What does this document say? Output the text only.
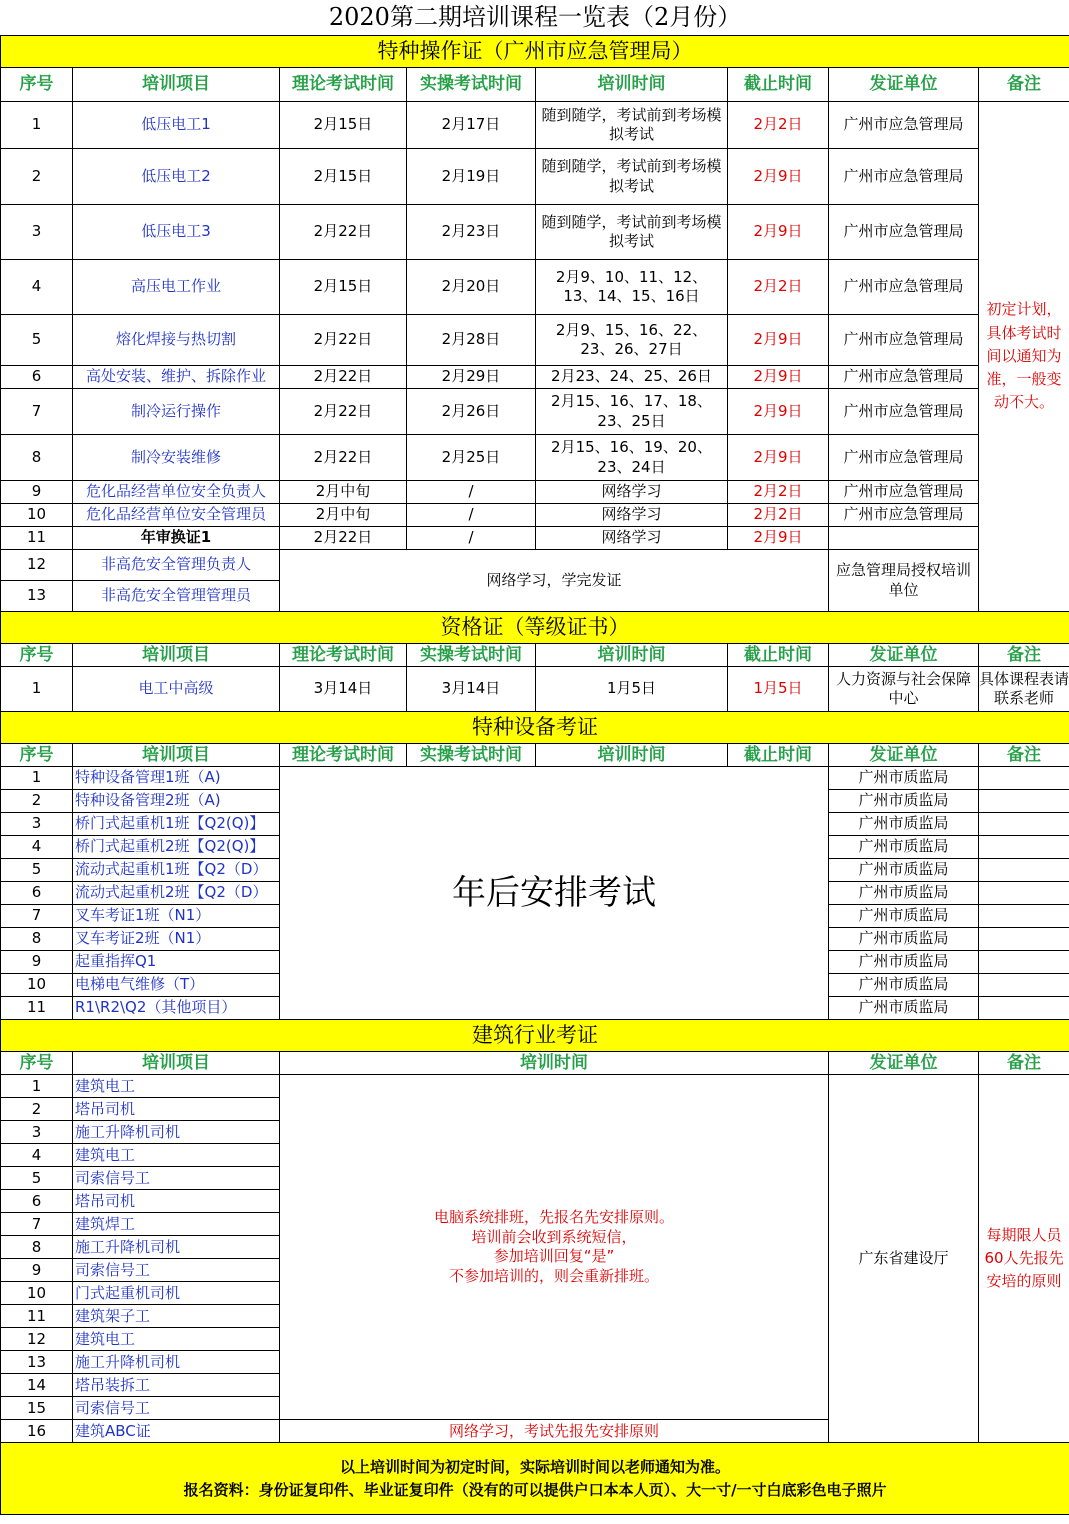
2020第二期培训课程一览表（2月份）							
特种操作证（广州市应急管理局）							
序号	培训项目	理论考试时间	实操考试时间	培训时间	截止时间	发证单位	备注
1	低压电工1	2月15日	2月17日	随到随学，考试前到考场模拟考试	2月2日	广州市应急管理局	初定计划，具体考试时间以通知为准，一般变动不大。
2	低压电工2	2月15日	2月19日	随到随学，考试前到考场模拟考试	2月9日	广州市应急管理局	
3	低压电工3	2月22日	2月23日	随到随学，考试前到考场模拟考试	2月9日	广州市应急管理局	
4	高压电工作业	2月15日	2月20日	2月9、10、11、12、13、14、15、16日	2月2日	广州市应急管理局	
5	熔化焊接与热切割	2月22日	2月28日	2月9、15、16、22、23、26、27日	2月9日	广州市应急管理局	
6	高处安装、维护、拆除作业	2月22日	2月29日	2月23、24、25、26日	2月9日	广州市应急管理局	
7	制冷运行操作	2月22日	2月26日	2月15、16、17、18、23、25日	2月9日	广州市应急管理局	
8	制冷安装维修	2月22日	2月25日	2月15、16、19、20、23、24日	2月9日	广州市应急管理局	
9	危化品经营单位安全负责人	2月中旬	/	网络学习	2月2日	广州市应急管理局	
10	危化品经营单位安全管理员	2月中旬	/	网络学习	2月2日	广州市应急管理局	
11	年审换证1	2月22日	/	网络学习	2月9日		
12	非高危安全管理负责人	网络学习，学完发证				应急管理局授权培训单位	
13	非高危安全管理管理员						
资格证（等级证书）							
序号	培训项目	理论考试时间	实操考试时间	培训时间	截止时间	发证单位	备注
1	电工中高级	3月14日	3月14日	1月5日	1月5日	人力资源与社会保障中心	具体课程表请联系老师
特种设备考证							
序号	培训项目	理论考试时间	实操考试时间	培训时间	截止时间	发证单位	备注
1	特种设备管理1班（A)	年后安排考试				广州市质监局	
2	特种设备管理2班（A)					广州市质监局	
3	桥门式起重机1班【Q2(Q)】					广州市质监局	
4	桥门式起重机2班【Q2(Q)】					广州市质监局	
5	流动式起重机1班【Q2（D）					广州市质监局	
6	流动式起重机2班【Q2（D）					广州市质监局	
7	叉车考证1班（N1）					广州市质监局	
8	叉车考证2班（N1）					广州市质监局	
9	起重指挥Q1					广州市质监局	
10	电梯电气维修（T）					广州市质监局	
11	R1\R2\Q2（其他项目）					广州市质监局	
建筑行业考证							
序号	培训项目	培训时间				发证单位	备注
1	建筑电工	电脑系统排班，先报名先安排原则。
培训前会收到系统短信，
参加培训回复“是”
不参加培训的，则会重新排班。				广东省建设厅	每期限人员60人先报先安培的原则
2	塔吊司机						
3	施工升降机司机						
4	建筑电工						
5	司索信号工						
6	塔吊司机						
7	建筑焊工						
8	施工升降机司机						
9	司索信号工						
10	门式起重机司机						
11	建筑架子工						
12	建筑电工						
13	施工升降机司机						
14	塔吊装拆工						
15	司索信号工						
16	建筑ABC证	网络学习，考试先报先安排原则					

以上培训时间为初定时间，实际培训时间以老师通知为准。
报名资料：身份证复印件、毕业证复印件（没有的可以提供户口本本人页）、大一寸/一寸白底彩色电子照片							
